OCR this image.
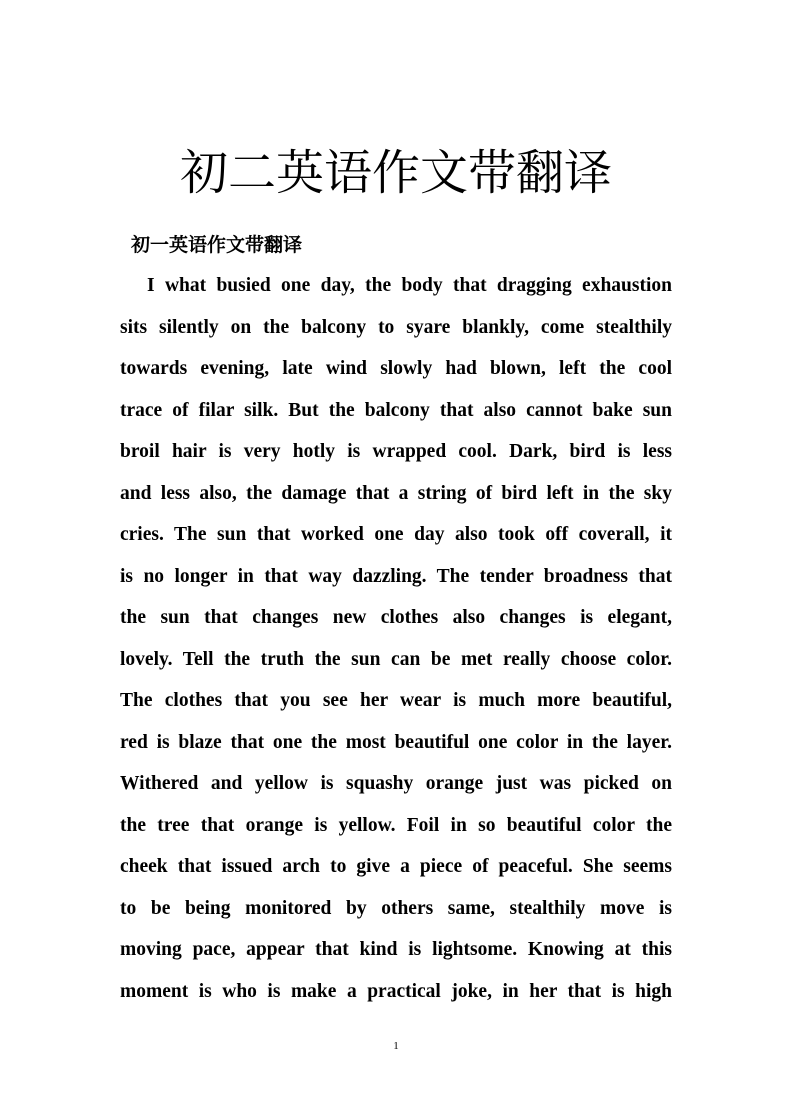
初二英语作文带翻译
初一英语作文带翻译
I what busied one day, the body that dragging exhaustion
sits silently on the balcony to syare blankly, come stealthily
towards evening, late wind slowly had blown, left the cool
trace of filar silk. But the balcony that also cannot bake sun
broil hair is very hotly is wrapped cool. Dark, bird is less
and less also, the damage that a string of bird left in the sky
cries. The sun that worked one day also took off coverall, it
is no longer in that way dazzling. The tender broadness that
the sun that changes new clothes also changes is elegant,
lovely. Tell the truth the sun can be met really choose color.
The clothes that you see her wear is much more beautiful,
red is blaze that one the most beautiful one color in the layer.
Withered and yellow is squashy orange just was picked on
the tree that orange is yellow. Foil in so beautiful color the
cheek that issued arch to give a piece of peaceful. She seems
to be being monitored by others same, stealthily move is
moving pace, appear that kind is lightsome. Knowing at this
moment is who is make a practical joke, in her that is high
1
